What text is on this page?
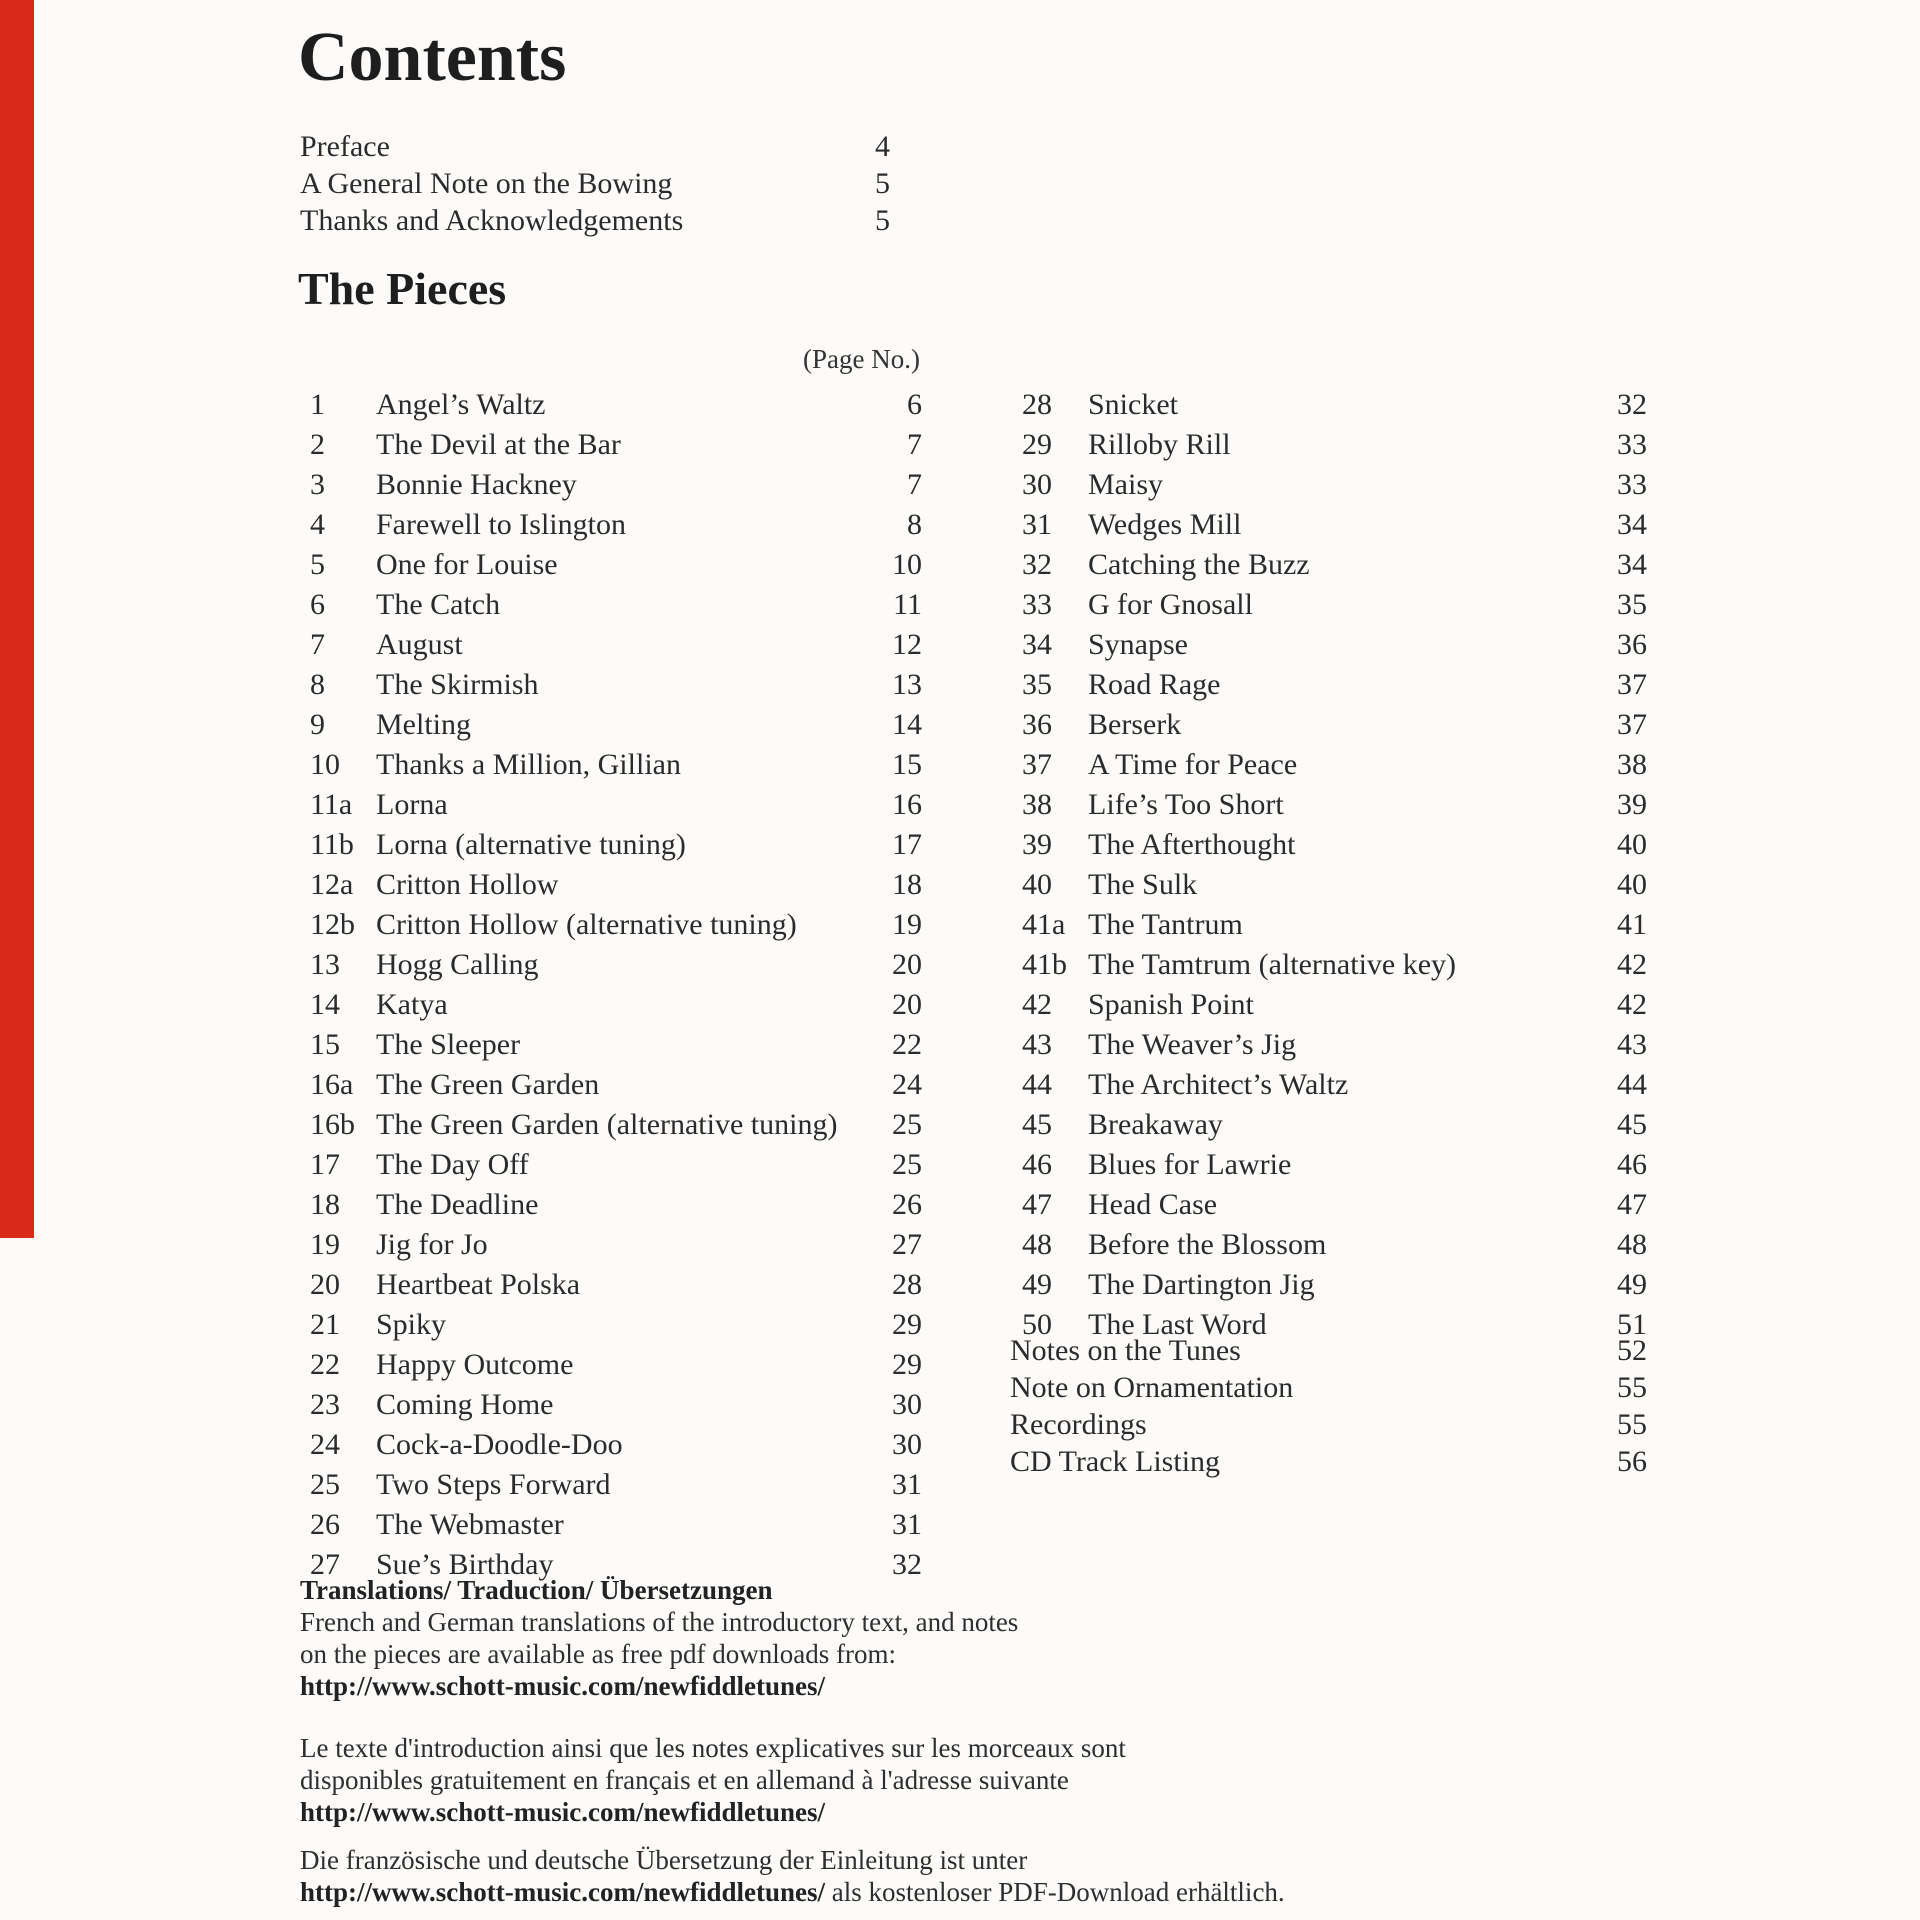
Contents
Preface	4
A General Note on the Bowing	5
Thanks and Acknowledgements	5
The Pieces
(Page No.)
1	Angel’s Waltz	6
2	The Devil at the Bar	7
3	Bonnie Hackney	7
4	Farewell to Islington	8
5	One for Louise	10
6	The Catch	11
7	August	12
8	The Skirmish	13
9	Melting	14
10	Thanks a Million, Gillian	15
11a Lorna	16
11b Lorna (alternative tuning)	17
12a Critton Hollow	18
12b Critton Hollow (alternative tuning)	19
13	Hogg Calling	20
14	Katya	20
15	The Sleeper	22
16a The Green Garden	24
16b The Green Garden (alternative tuning)	25
17	The Day Off	25
18	The Deadline	26
19	Jig for Jo	27
20	Heartbeat Polska	28
21	Spiky	29
22	Happy Outcome	29
23	Coming Home	30
24	Cock-a-Doodle-Doo	30
25	Two Steps Forward	31
26	The Webmaster	31
27	Sue’s Birthday	32
28	Snicket	32
29	Rilloby Rill	33
30	Maisy	33
31	Wedges Mill	34
32	Catching the Buzz	34
33	G for Gnosall	35
34	Synapse	36
35	Road Rage	37
36	Berserk	37
37	A Time for Peace	38
38	Life’s Too Short	39
39	The Afterthought	40
40	The Sulk	40
41a The Tantrum	41
41b The Tamtrum (alternative key)	42
42	Spanish Point	42
43	The Weaver’s Jig	43
44	The Architect’s Waltz	44
45	Breakaway	45
46	Blues for Lawrie	46
47	Head Case	47
48	Before the Blossom	48
49	The Dartington Jig	49
50	The Last Word	51
Notes on the Tunes	52
Note on Ornamentation	55
Recordings	55
CD Track Listing	56

Translations/ Traduction/ Übersetzungen

French and German translations of the introductory text, and notes

on the pieces are available as free pdf downloads from:

http://www.schott-music.com/newfiddletunes/

Le texte d'introduction ainsi que les notes explicatives sur les morceaux sont

disponibles gratuitement en français et en allemand à l'adresse suivante

http://www.schott-music.com/newfiddletunes/

Die französische und deutsche Übersetzung der Einleitung ist unter

http://www.schott-music.com/newfiddletunes/ als kostenloser PDF-Download erhältlich.
